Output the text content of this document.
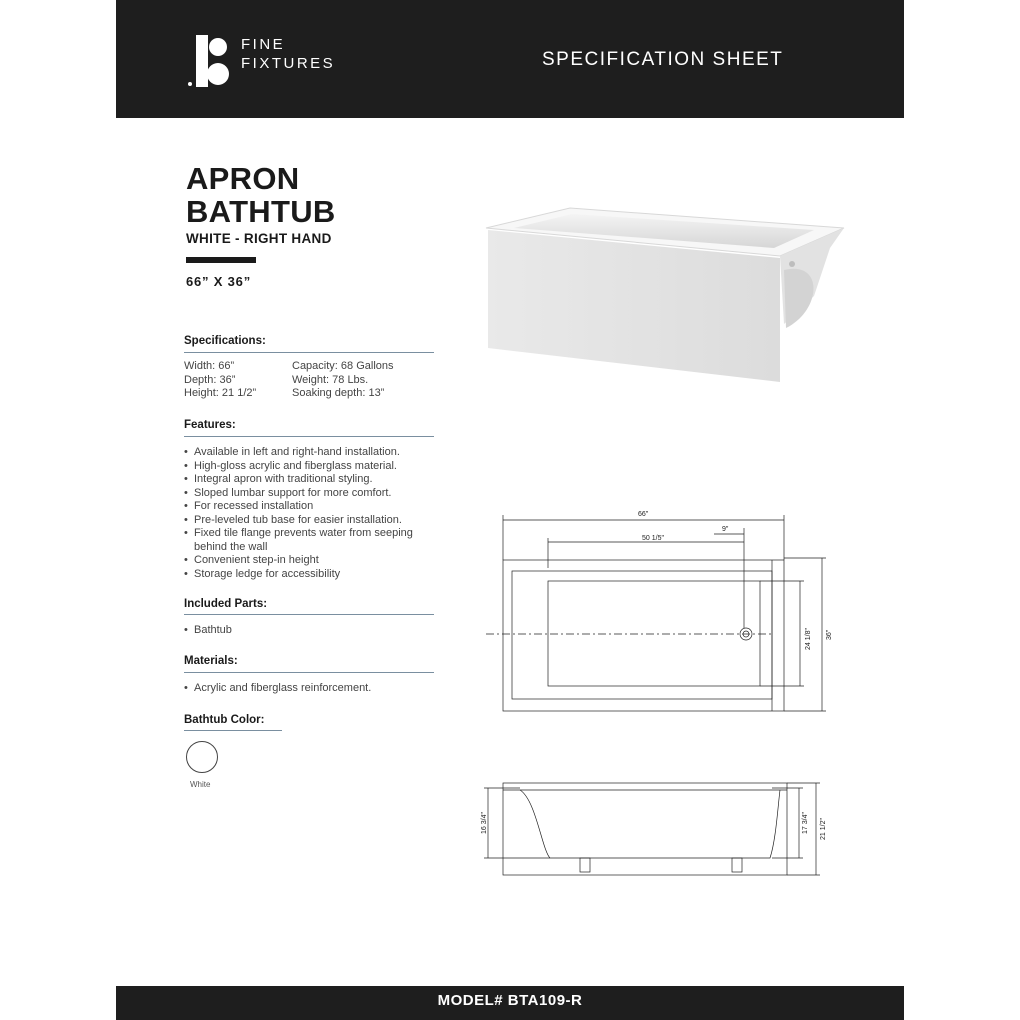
FINE
FIXTURES	SPECIFICATION SHEET
APRON
BATHTUB
WHITE - RIGHT HAND
66” X 36”
Specifications:
Width: 66”
Depth: 36”
Height: 21 1/2”
Capacity: 68 Gallons
Weight: 78 Lbs.
Soaking depth: 13”
Features:
• Available in left and right-hand installation.
• High-gloss acrylic and fiberglass material.
• Integral apron with traditional styling.
• Sloped lumbar support for more comfort.
• For recessed installation
• Pre-leveled tub base for easier installation.
• Fixed tile flange prevents water from seeping behind the wall
• Convenient step-in height
• Storage ledge for accessibility
Included Parts:
• Bathtub
Materials:
• Acrylic and fiberglass reinforcement.
Bathtub Color:
White
66"
9"
50 1/5"
24 1/8" 36"
16 3/4"	17 3/4" 21 1/2"
MODEL# BTA109-R
